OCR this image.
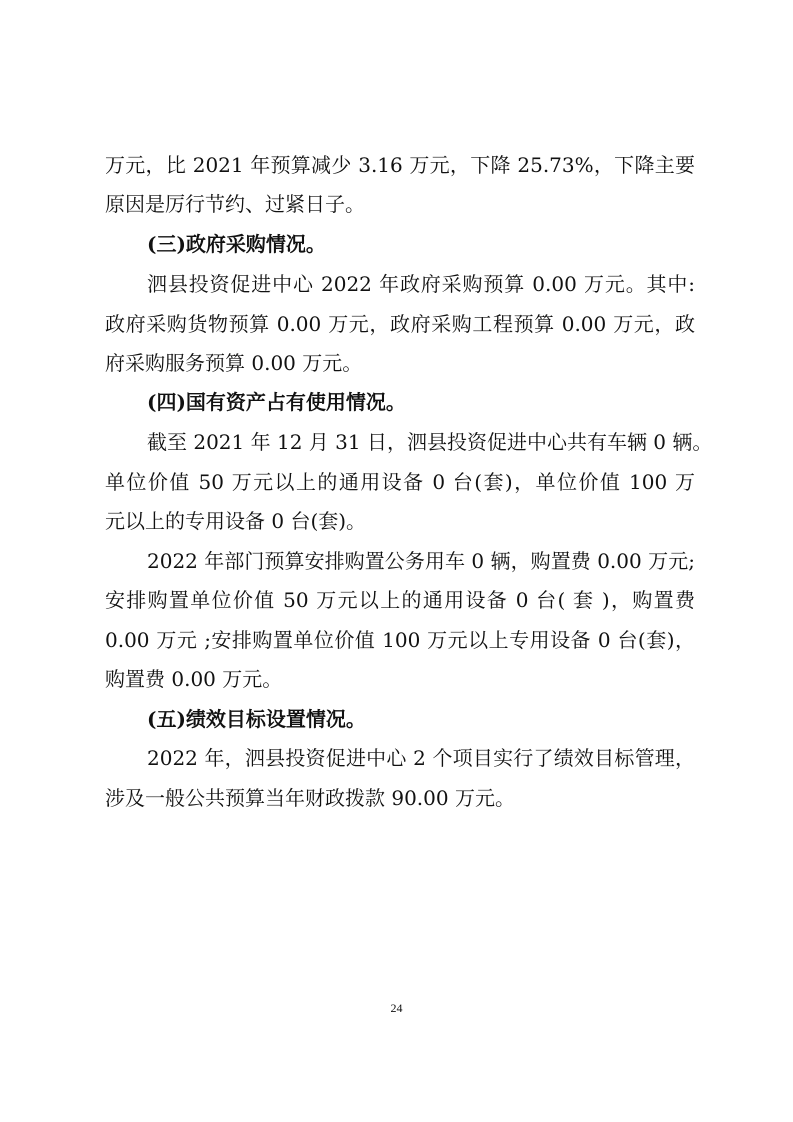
万元，比 2021 年预算减少 3.16 万元，下降 25.73%，下降主要
原因是厉行节约、过紧日子。
(三)政府采购情况。
泗县投资促进中心 2022 年政府采购预算 0.00 万元。其中:
政府采购货物预算 0.00 万元，政府采购工程预算 0.00 万元，政
府采购服务预算 0.00 万元。
(四)国有资产占有使用情况。
截至 2021 年 12 月 31 日，泗县投资促进中心共有车辆 0 辆。
单位价值 50 万元以上的通用设备 0 台(套)，单位价值 100 万
元以上的专用设备 0 台(套)。
2022 年部门预算安排购置公务用车 0 辆，购置费 0.00 万元;
安排购置单位价值 50 万元以上的通用设备 0 台( 套 )，购置费
0.00 万元 ;安排购置单位价值 100 万元以上专用设备 0 台(套)，
购置费 0.00 万元。
(五)绩效目标设置情况。
2022 年，泗县投资促进中心 2 个项目实行了绩效目标管理，
涉及一般公共预算当年财政拨款 90.00 万元。
24
